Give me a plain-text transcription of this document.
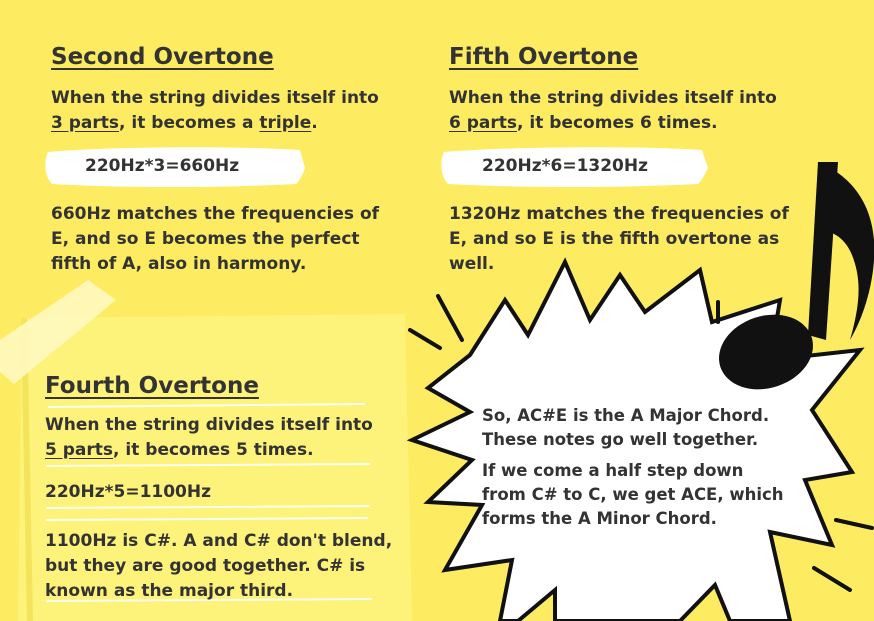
Second Overtone
When the string divides itself into
3 parts, it becomes a triple.
220Hz*3=660Hz
660Hz matches the frequencies of
E, and so E becomes the perfect
fifth of A, also in harmony.
Fifth Overtone
When the string divides itself into
6 parts, it becomes 6 times.
220Hz*6=1320Hz
1320Hz matches the frequencies of
E, and so E is the fifth overtone as
well.
Fourth Overtone
When the string divides itself into
5 parts, it becomes 5 times.
220Hz*5=1100Hz
1100Hz is C#. A and C# don't blend,
but they are good together. C# is
known as the major third.
So, AC#E is the A Major Chord.
These notes go well together.
If we come a half step down
from C# to C, we get ACE, which
forms the A Minor Chord.
